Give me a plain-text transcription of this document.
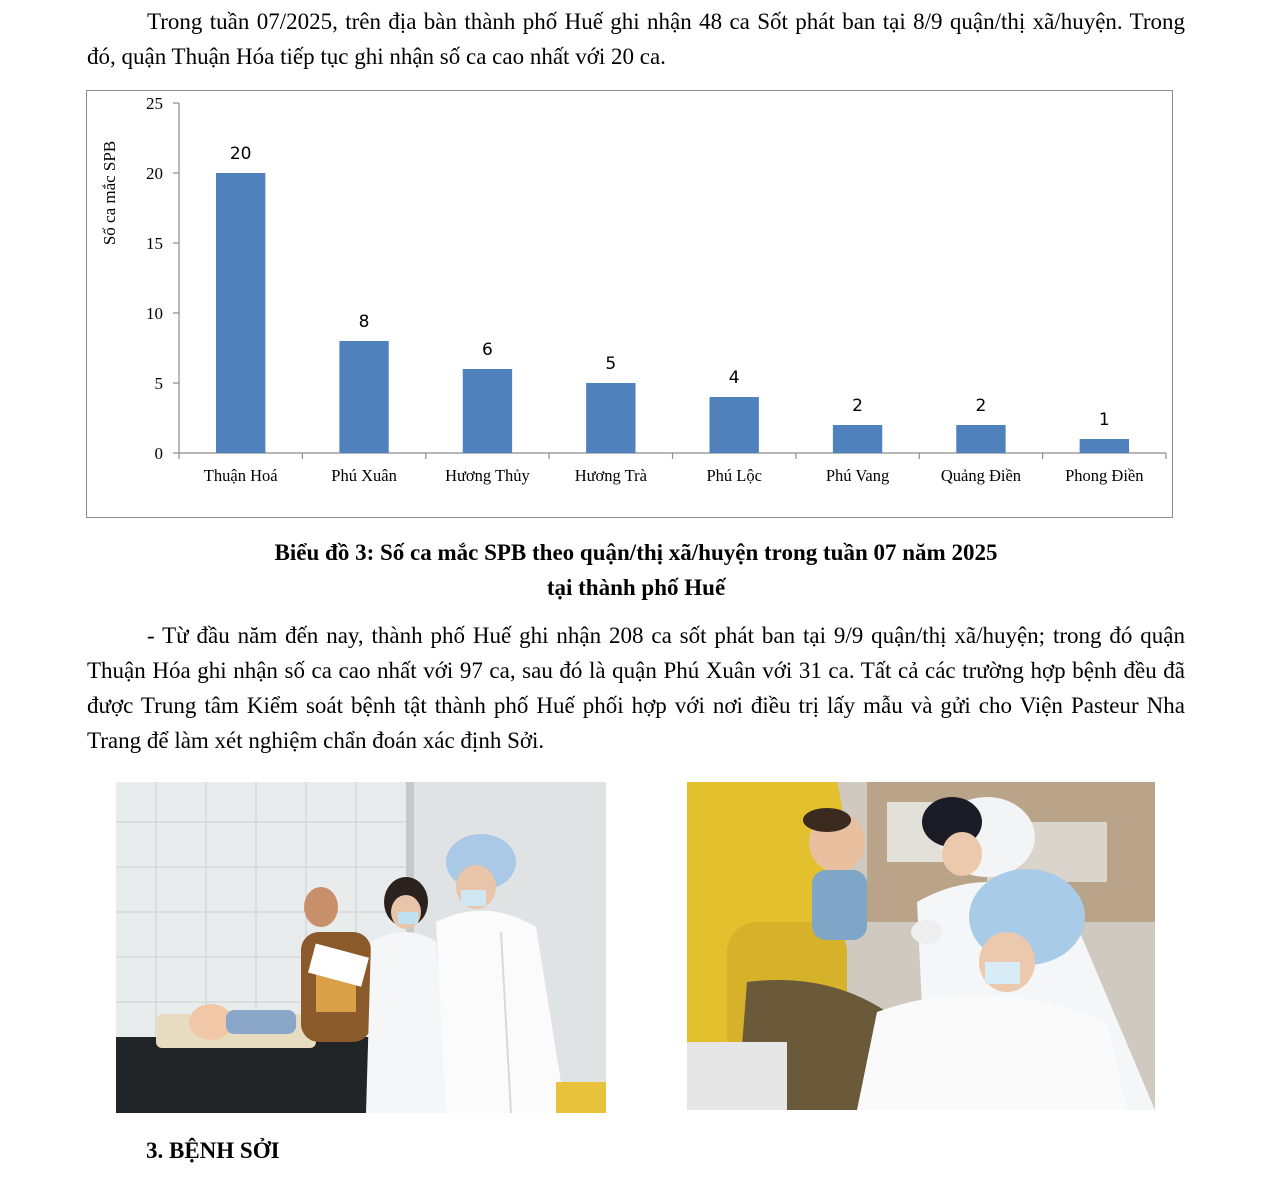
Trong tuần 07/2025, trên địa bàn thành phố Huế ghi nhận 48 ca Sốt phát ban tại 8/9 quận/thị xã/huyện. Trong đó, quận Thuận Hóa tiếp tục ghi nhận số ca cao nhất với 20 ca.

0
5
10
15
20
25
Số ca mắc SPB	20
Thuận Hoá
8
Phú Xuân
6
Hương Thủy
5
Hương Trà
4
Phú Lộc
2
Phú Vang
2
Quảng Điền
1
Phong Điền

Biểu đồ 3: Số ca mắc SPB theo quận/thị xã/huyện trong tuần 07 năm 2025

tại thành phố Huế

- Từ đầu năm đến nay, thành phố Huế ghi nhận 208 ca sốt phát ban tại 9/9 quận/thị xã/huyện; trong đó quận Thuận Hóa ghi nhận số ca cao nhất với 97 ca, sau đó là quận Phú Xuân với 31 ca. Tất cả các trường hợp bệnh đều đã được Trung tâm Kiểm soát bệnh tật thành phố Huế phối hợp với nơi điều trị lấy mẫu và gửi cho Viện Pasteur Nha Trang để làm xét nghiệm chẩn đoán xác định Sởi.

3. BỆNH SỞI
